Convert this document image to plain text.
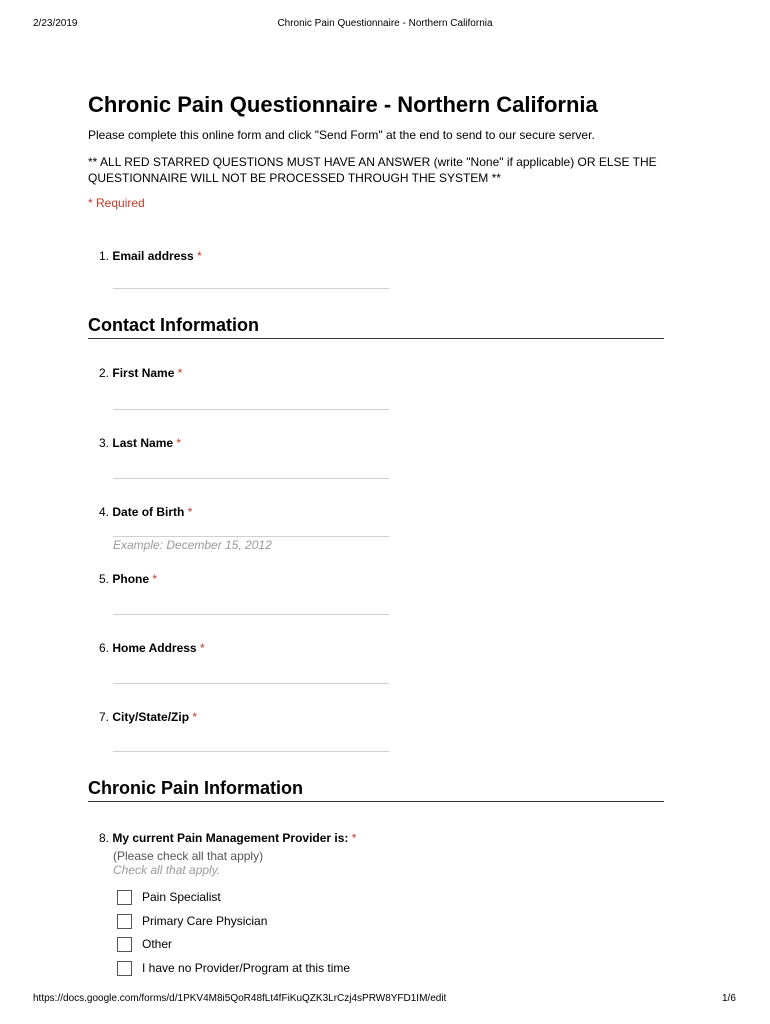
2/23/2019	Chronic Pain Questionnaire - Northern California
Chronic Pain Questionnaire - Northern California
Please complete this online form and click "Send Form" at the end to send to our secure server.
** ALL RED STARRED QUESTIONS MUST HAVE AN ANSWER (write "None" if applicable) OR ELSE THE QUESTIONNAIRE WILL NOT BE PROCESSED THROUGH THE SYSTEM **
* Required
1. Email address *
Contact Information
2. First Name *
3. Last Name *
4. Date of Birth *
Example: December 15, 2012
5. Phone *
6. Home Address *
7. City/State/Zip *
Chronic Pain Information
8. My current Pain Management Provider is: *
(Please check all that apply)
Check all that apply.
Pain Specialist
Primary Care Physician
Other
I have no Provider/Program at this time
https://docs.google.com/forms/d/1PKV4M8i5QoR48fLt4fFiKuQZK3LrCzj4sPRW8YFD1IM/edit	1/6
